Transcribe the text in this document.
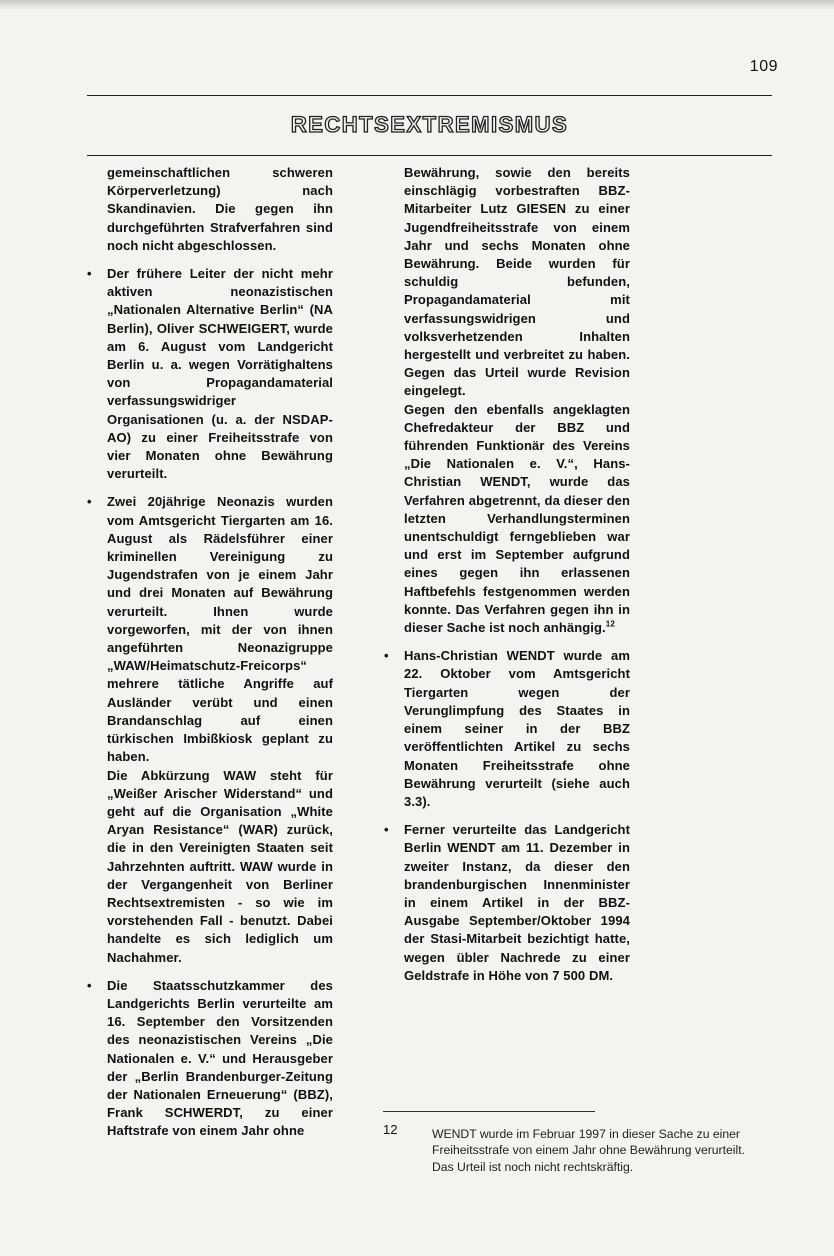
109
RECHTSEXTREMISMUS

gemeinschaftlichen schweren Körperverletzung) nach Skandinavien. Die gegen ihn durchgeführten Strafverfahren sind noch nicht abgeschlossen.

• Der frühere Leiter der nicht mehr aktiven neonazistischen „Nationalen Alternative Berlin“ (NA Berlin), Oliver SCHWEIGERT, wurde am 6. August vom Landgericht Berlin u. a. wegen Vorrätighaltens von Propagandamaterial verfassungswidriger Organisationen (u. a. der NSDAP-AO) zu einer Freiheitsstrafe von vier Monaten ohne Bewährung verurteilt.

• Zwei 20jährige Neonazis wurden vom Amtsgericht Tiergarten am 16. August als Rädelsführer einer kriminellen Vereinigung zu Jugendstrafen von je einem Jahr und drei Monaten auf Bewährung verurteilt. Ihnen wurde vorgeworfen, mit der von ihnen angeführten Neonazigruppe „WAW/Heimatschutz-Freicorps“ mehrere tätliche Angriffe auf Ausländer verübt und einen Brandanschlag auf einen türkischen Imbißkiosk geplant zu haben.

Die Abkürzung WAW steht für „Weißer Arischer Widerstand“ und geht auf die Organisation „White Aryan Resistance“ (WAR) zurück, die in den Vereinigten Staaten seit Jahrzehnten auftritt. WAW wurde in der Vergangenheit von Berliner Rechtsextremisten - so wie im vorstehenden Fall - benutzt. Dabei handelte es sich lediglich um Nachahmer.

• Die Staatsschutzkammer des Landgerichts Berlin verurteilte am 16. September den Vorsitzenden des neonazistischen Vereins „Die Nationalen e. V.“ und Herausgeber der „Berlin Brandenburger-Zeitung der Nationalen Erneuerung“ (BBZ), Frank SCHWERDT, zu einer Haftstrafe von einem Jahr ohne

Bewährung, sowie den bereits einschlägig vorbestraften BBZ-Mitarbeiter Lutz GIESEN zu einer Jugendfreiheitsstrafe von einem Jahr und sechs Monaten ohne Bewährung. Beide wurden für schuldig befunden, Propagandamaterial mit verfassungswidrigen und volksverhetzenden Inhalten hergestellt und verbreitet zu haben. Gegen das Urteil wurde Revision eingelegt.

Gegen den ebenfalls angeklagten Chefredakteur der BBZ und führenden Funktionär des Vereins „Die Nationalen e. V.“, Hans-Christian WENDT, wurde das Verfahren abgetrennt, da dieser den letzten Verhandlungsterminen unentschuldigt ferngeblieben war und erst im September aufgrund eines gegen ihn erlassenen Haftbefehls festgenommen werden konnte. Das Verfahren gegen ihn in dieser Sache ist noch anhängig.$^{12}$

• Hans-Christian WENDT wurde am 22. Oktober vom Amtsgericht Tiergarten wegen der Verunglimpfung des Staates in einem seiner in der BBZ veröffentlichten Artikel zu sechs Monaten Freiheitsstrafe ohne Bewährung verurteilt (siehe auch 3.3).

• Ferner verurteilte das Landgericht Berlin WENDT am 11. Dezember in zweiter Instanz, da dieser den brandenburgischen Innenminister in einem Artikel in der BBZ-Ausgabe September/Oktober 1994 der Stasi-Mitarbeit bezichtigt hatte, wegen übler Nachrede zu einer Geldstrafe in Höhe von 7 500 DM.

12	WENDT wurde im Februar 1997 in dieser Sache zu einer Freiheitsstrafe von einem Jahr ohne Bewährung verurteilt. Das Urteil ist noch nicht rechtskräftig.
